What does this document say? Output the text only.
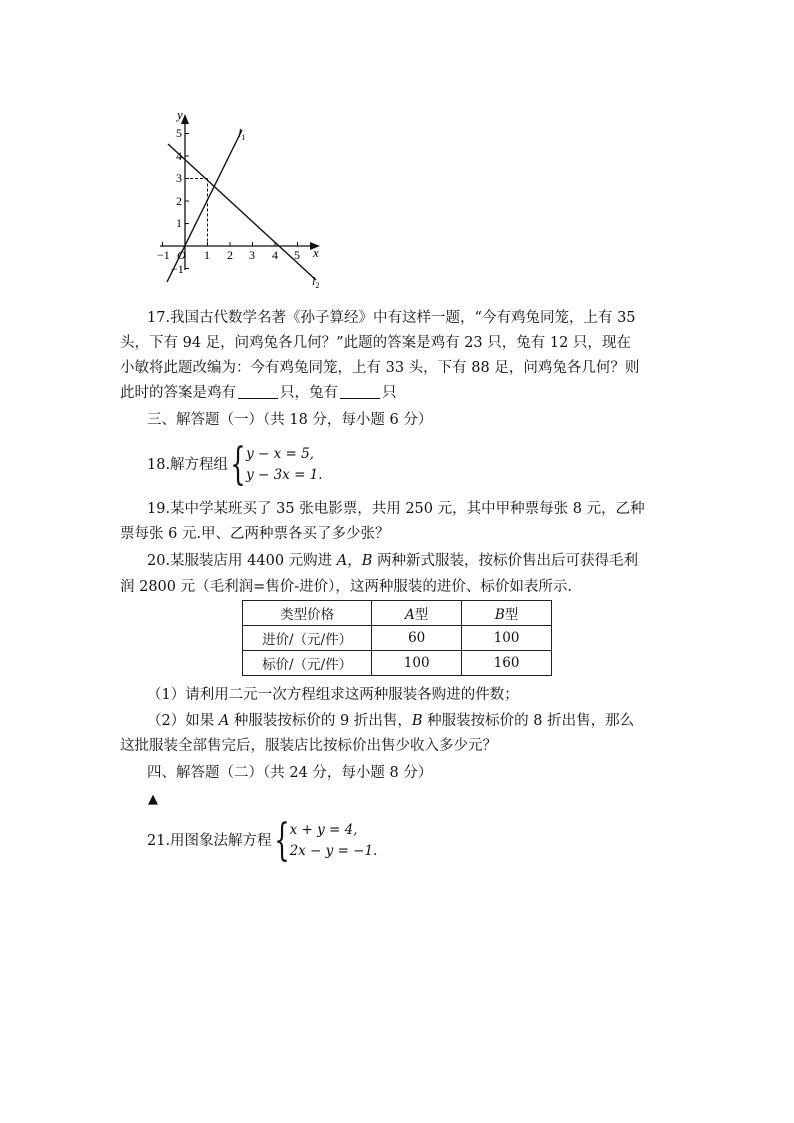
y
x
O
−1	1 2 3 4 5
5
4
3
2
1
−1
$l_1$
$l_2$
17.我国古代数学名著《孙子算经》中有这样一题，“今有鸡兔同笼，上有 35
头，下有 94 足，问鸡兔各几何？”此题的答案是鸡有 23 只，兔有 12 只，现在
小敏将此题改编为：今有鸡兔同笼，上有 33 头，下有 88 足，问鸡兔各几何？则
此时的答案是鸡有	只，兔有	只
三、解答题（一）（共 18 分，每小题 6 分）
18.解方程组 { y − x = 5,
y − 3x = 1.
19.某中学某班买了 35 张电影票，共用 250 元，其中甲种票每张 8 元，乙种
票每张 6 元.甲、乙两种票各买了多少张？
20.某服装店用 4400 元购进 A，B 两种新式服装，按标价售出后可获得毛利
润 2800 元（毛利润=售价-进价），这两种服装的进价、标价如表所示.
类型价格	A型	B型
进价/（元/件）	60	100
标价/（元/件）	100	160
（1）请利用二元一次方程组求这两种服装各购进的件数；
（2）如果 A 种服装按标价的 9 折出售，B 种服装按标价的 8 折出售，那么
这批服装全部售完后，服装店比按标价出售少收入多少元？
四、解答题（二）（共 24 分，每小题 8 分）
▲
21.用图象法解方程 { x + y = 4,
2x − y = −1.
